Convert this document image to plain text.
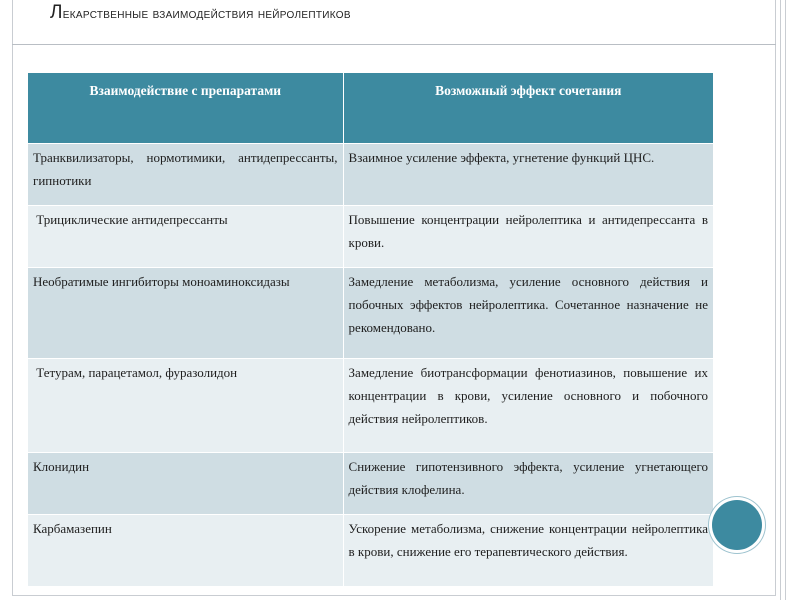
Лекарственные взаимодействия нейролептиков
Взаимодействие с препаратами	Возможный эффект сочетания
Транквилизаторы, нормотимики, антидепрессанты, гипнотики	Взаимное усиление эффекта, угнетение функций ЦНС.
Трициклические антидепрессанты	Повышение концентрации нейролептика и антидепрессанта в крови.
Необратимые ингибиторы моноаминоксидазы	Замедление метаболизма, усиление основного действия и побочных эффектов нейролептика. Сочетанное назначение не рекомендовано.
Тетурам, парацетамол, фуразолидон	Замедление биотрансформации фенотиазинов, повышение их концентрации в крови, усиление основного и побочного действия нейролептиков.
Клонидин	Снижение гипотензивного эффекта, усиление угнетающего действия клофелина.
Карбамазепин	Ускорение метаболизма, снижение концентрации нейролептика в крови, снижение его терапевтического действия.
